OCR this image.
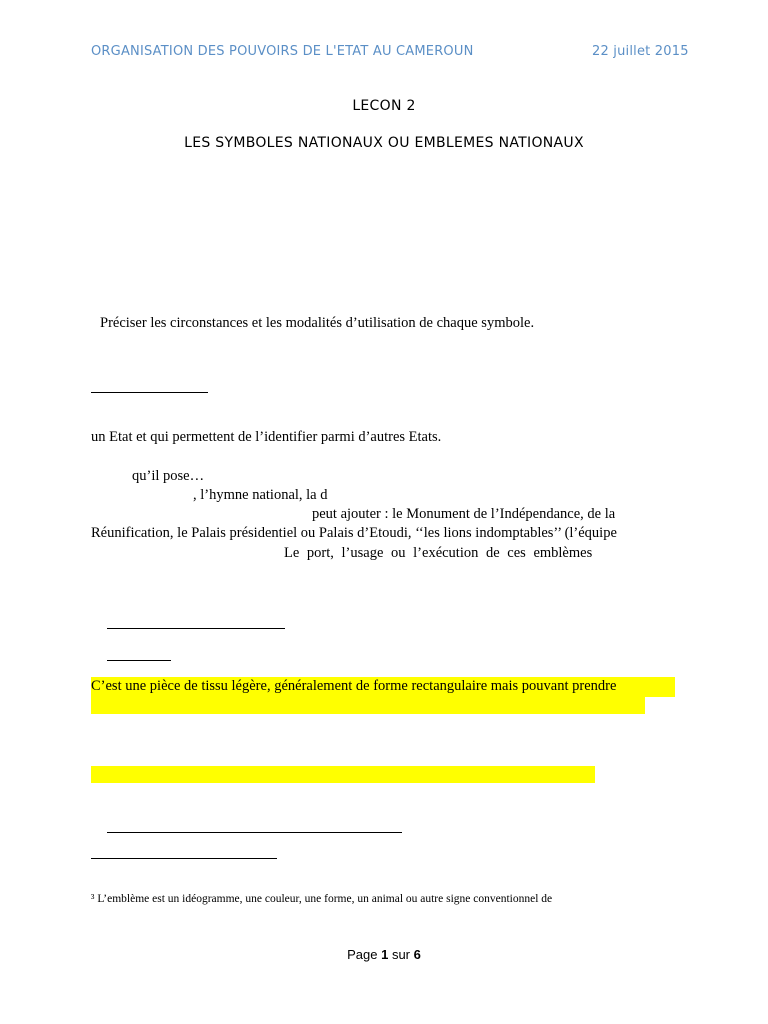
ORGANISATION DES POUVOIRS DE L'ETAT AU CAMEROUN	22 juillet 2015
LECON 2
LES SYMBOLES NATIONAUX OU EMBLEMES NATIONAUX
Préciser les circonstances et les modalités d’utilisation de chaque symbole.
un Etat et qui permettent de l’identifier parmi d’autres Etats.
qu’il pose…
, l’hymne national, la d
peut ajouter : le Monument de l’Indépendance, de la
Réunification, le Palais présidentiel ou Palais d’Etoudi, ‘‘les lions indomptables’’ (l’équipe
Le port, l’usage ou l’exécution de ces emblèmes
C’est une pièce de tissu légère, généralement de forme rectangulaire mais pouvant prendre
³ L’emblème est un idéogramme, une couleur, une forme, un animal ou autre signe conventionnel de
Page 1 sur 6
